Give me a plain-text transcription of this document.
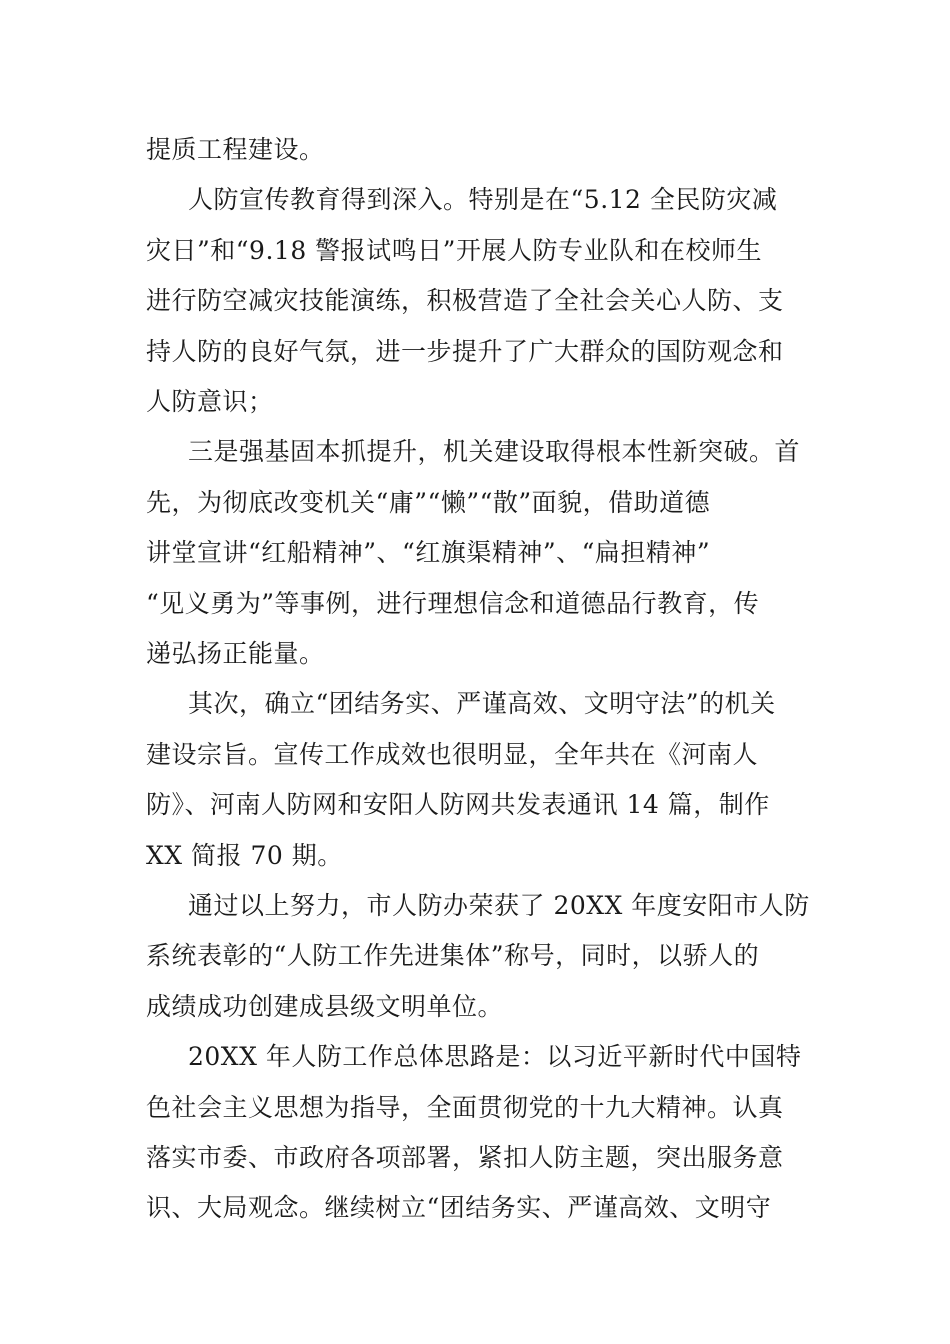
提质工程建设。
人防宣传教育得到深入。特别是在“5.12 全民防灾减
灾日”和“9.18 警报试鸣日”开展人防专业队和在校师生
进行防空减灾技能演练，积极营造了全社会关心人防、支
持人防的良好气氛，进一步提升了广大群众的国防观念和
人防意识；
三是强基固本抓提升，机关建设取得根本性新突破。首
先，为彻底改变机关“庸”“懒”“散”面貌，借助道德
讲堂宣讲“红船精神”、“红旗渠精神”、“扁担精神”
“见义勇为”等事例，进行理想信念和道德品行教育，传
递弘扬正能量。
其次，确立“团结务实、严谨高效、文明守法”的机关
建设宗旨。宣传工作成效也很明显，全年共在《河南人
防》、河南人防网和安阳人防网共发表通讯 14 篇，制作
XX 简报 70 期。
通过以上努力，市人防办荣获了 20XX 年度安阳市人防
系统表彰的“人防工作先进集体”称号，同时，以骄人的
成绩成功创建成县级文明单位。
20XX 年人防工作总体思路是：以习近平新时代中国特
色社会主义思想为指导，全面贯彻党的十九大精神。认真
落实市委、市政府各项部署，紧扣人防主题，突出服务意
识、大局观念。继续树立“团结务实、严谨高效、文明守
